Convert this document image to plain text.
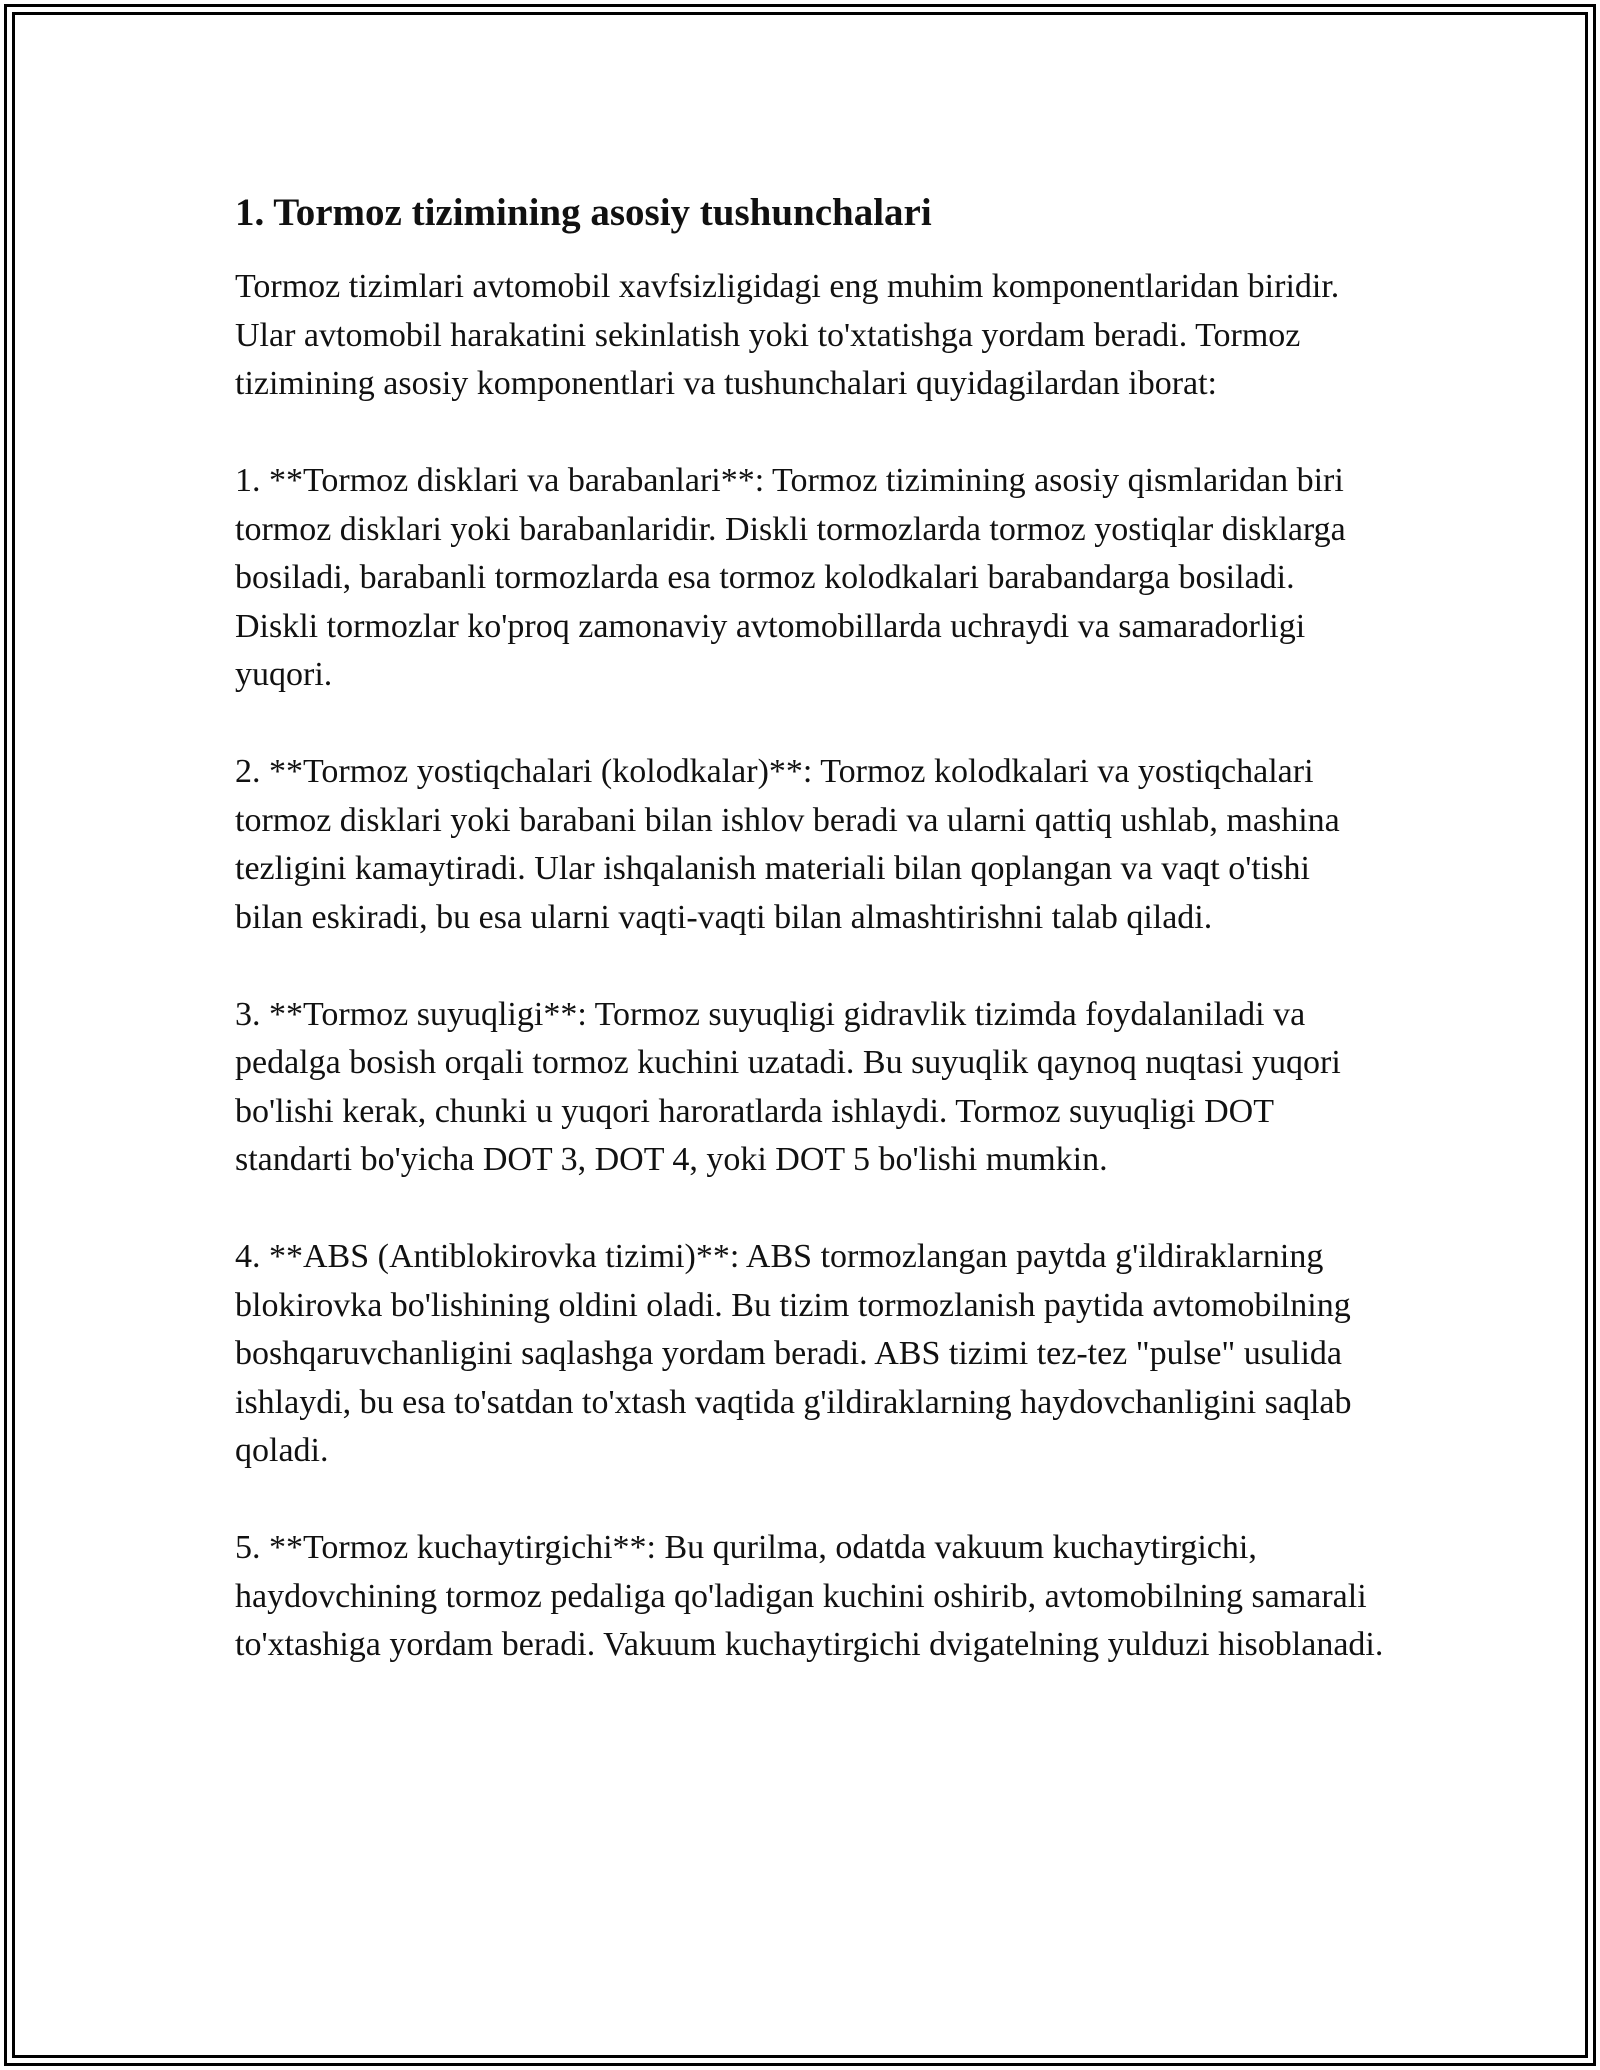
1. Tormoz tizimining asosiy tushunchalari

Tormoz tizimlari avtomobil xavfsizligidagi eng muhim komponentlaridan biridir. Ular avtomobil harakatini sekinlatish yoki to'xtatishga yordam beradi. Tormoz tizimining asosiy komponentlari va tushunchalari quyidagilardan iborat:

1. **Tormoz disklari va barabanlari**: Tormoz tizimining asosiy qismlaridan biri tormoz disklari yoki barabanlaridir. Diskli tormozlarda tormoz yostiqlar disklarga bosiladi, barabanli tormozlarda esa tormoz kolodkalari barabandarga bosiladi. Diskli tormozlar ko'proq zamonaviy avtomobillarda uchraydi va samaradorligi yuqori.

2. **Tormoz yostiqchalari (kolodkalar)**: Tormoz kolodkalari va yostiqchalari tormoz disklari yoki barabani bilan ishlov beradi va ularni qattiq ushlab, mashina tezligini kamaytiradi. Ular ishqalanish materiali bilan qoplangan va vaqt o'tishi bilan eskiradi, bu esa ularni vaqti-vaqti bilan almashtirishni talab qiladi.

3. **Tormoz suyuqligi**: Tormoz suyuqligi gidravlik tizimda foydalaniladi va pedalga bosish orqali tormoz kuchini uzatadi. Bu suyuqlik qaynoq nuqtasi yuqori bo'lishi kerak, chunki u yuqori haroratlarda ishlaydi. Tormoz suyuqligi DOT standarti bo'yicha DOT 3, DOT 4, yoki DOT 5 bo'lishi mumkin.

4. **ABS (Antiblokirovka tizimi)**: ABS tormozlangan paytda g'ildiraklarning blokirovka bo'lishining oldini oladi. Bu tizim tormozlanish paytida avtomobilning boshqaruvchanligini saqlashga yordam beradi. ABS tizimi tez-tez "pulse" usulida ishlaydi, bu esa to'satdan to'xtash vaqtida g'ildiraklarning haydovchanligini saqlab qoladi.

5. **Tormoz kuchaytirgichi**: Bu qurilma, odatda vakuum kuchaytirgichi, haydovchining tormoz pedaliga qo'ladigan kuchini oshirib, avtomobilning samarali to'xtashiga yordam beradi. Vakuum kuchaytirgichi dvigatelning yulduzi hisoblanadi.
